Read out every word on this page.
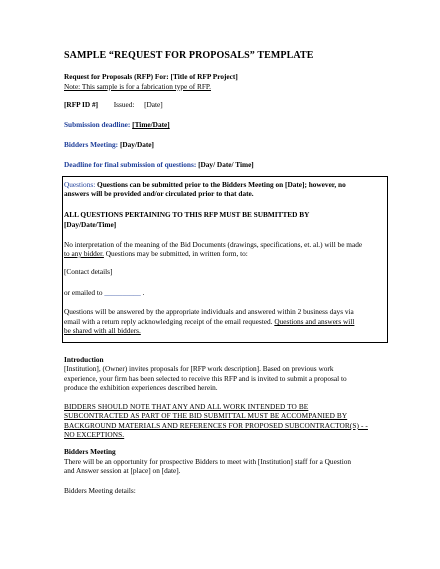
SAMPLE “REQUEST FOR PROPOSALS” TEMPLATE
Request for Proposals (RFP) For: [Title of RFP Project]
Note: This sample is for a fabrication type of RFP.
[RFP ID #] Issued: [Date]
Submission deadline: [Time/Date]
Bidders Meeting: [Day/Date]
Deadline for final submission of questions: [Day/ Date/ Time]
Questions: Questions can be submitted prior to the Bidders Meeting on [Date]; however, no
answers will be provided and/or circulated prior to that date.
ALL QUESTIONS PERTAINING TO THIS RFP MUST BE SUBMITTED BY
[Day/Date/Time]
No interpretation of the meaning of the Bid Documents (drawings, specifications, et. al.) will be made
to any bidder. Questions may be submitted, in written form, to:
[Contact details]
or emailed to __________ .
Questions will be answered by the appropriate individuals and answered within 2 business days via
email with a return reply acknowledging receipt of the email requested. Questions and answers will
be shared with all bidders.
Introduction
[Institution], (Owner) invites proposals for [RFP work description]. Based on previous work
experience, your firm has been selected to receive this RFP and is invited to submit a proposal to
produce the exhibition experiences described herein.
BIDDERS SHOULD NOTE THAT ANY AND ALL WORK INTENDED TO BE
SUBCONTRACTED AS PART OF THE BID SUBMITTAL MUST BE ACCOMPANIED BY
BACKGROUND MATERIALS AND REFERENCES FOR PROPOSED SUBCONTRACTOR(S) - -
NO EXCEPTIONS.
Bidders Meeting
There will be an opportunity for prospective Bidders to meet with [Institution] staff for a Question
and Answer session at [place] on [date].
Bidders Meeting details:
